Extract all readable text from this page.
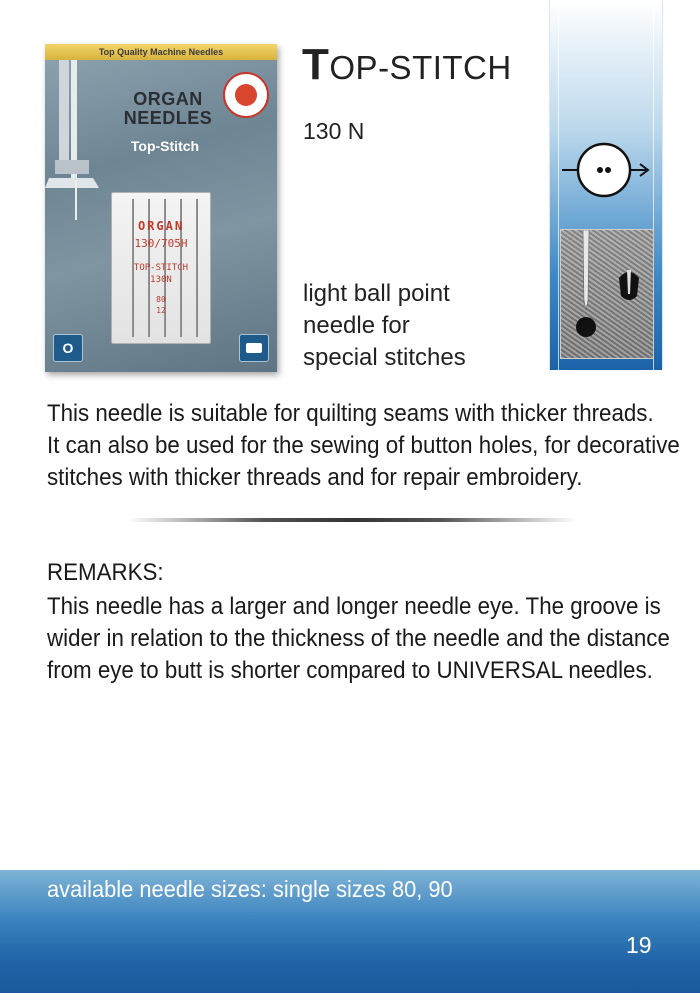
Top Quality Machine Needles
ORGAN
NEEDLES
Top-Stitch
ORGAN
130/705H
TOP-STITCH
130N
80
12
O
TOP-STITCH
130 N
light ball point
needle for
special stitches
This needle is suitable for quilting seams with thicker threads.
It can also be used for the sewing of button holes, for decorative
stitches with thicker threads and for repair embroidery.
REMARKS:
This needle has a larger and longer needle eye. The groove is
wider in relation to the thickness of the needle and the distance
from eye to butt is shorter compared to UNIVERSAL needles.
available needle sizes: single sizes 80, 90
19
